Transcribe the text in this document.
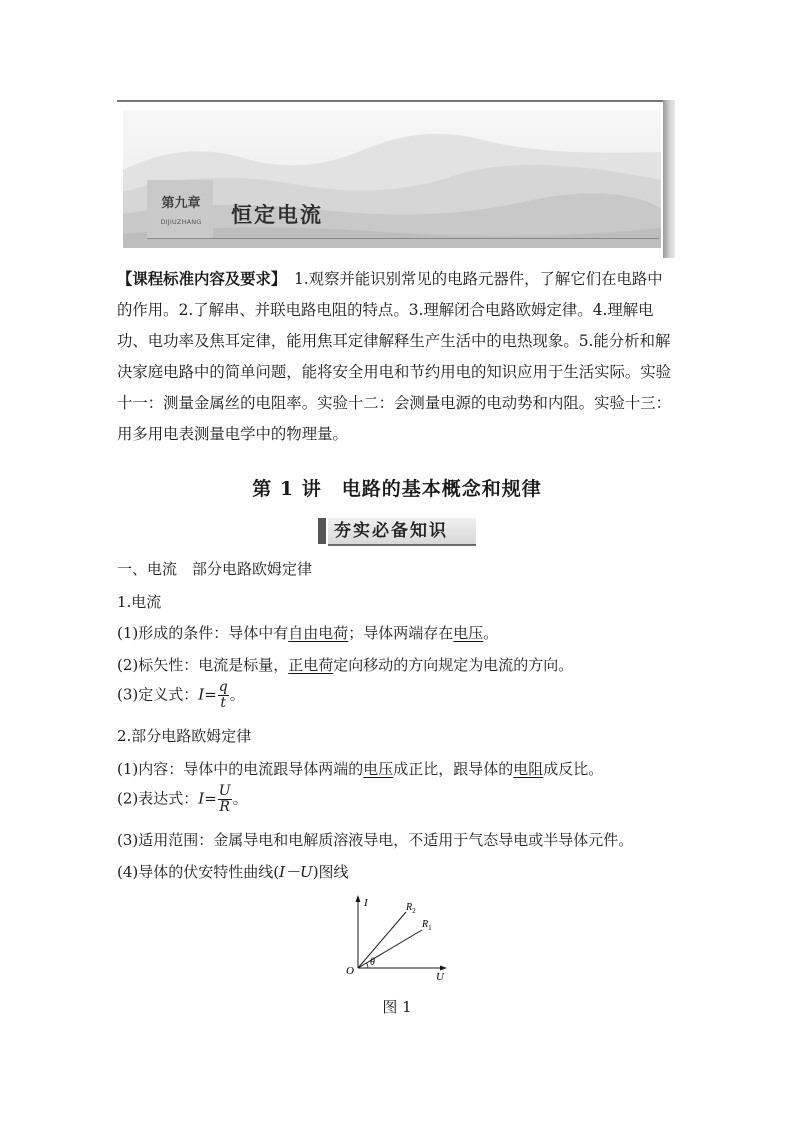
第九章
DIJIUZHANG	恒定电流
【课程标准内容及要求】　1.观察并能识别常见的电路元器件，了解它们在电路中的作用。2.了解串、并联电路电阻的特点。3.理解闭合电路欧姆定律。4.理解电功、电功率及焦耳定律，能用焦耳定律解释生产生活中的电热现象。5.能分析和解决家庭电路中的简单问题，能将安全用电和节约用电的知识应用于生活实际。实验十一：测量金属丝的电阻率。实验十二：会测量电源的电动势和内阻。实验十三：用多用电表测量电学中的物理量。
第 1 讲　电路的基本概念和规律
夯实必备知识
一、电流　部分电路欧姆定律
1.电流
(1)形成的条件：导体中有自由电荷；导体两端存在电压。
(2)标矢性：电流是标量，正电荷定向移动的方向规定为电流的方向。
(3)定义式：$I= \frac{q}{t}$ 。
2.部分电路欧姆定律
(1)内容：导体中的电流跟导体两端的电压成正比，跟导体的电阻成反比。
(2)表达式：$I= \frac{U}{R}$ 。
(3)适用范围：金属导电和电解质溶液导电，不适用于气态导电或半导体元件。
(4)导体的伏安特性曲线(I－U)图线
I
U
O
$R_2$
$R_1$
θ
图 1
